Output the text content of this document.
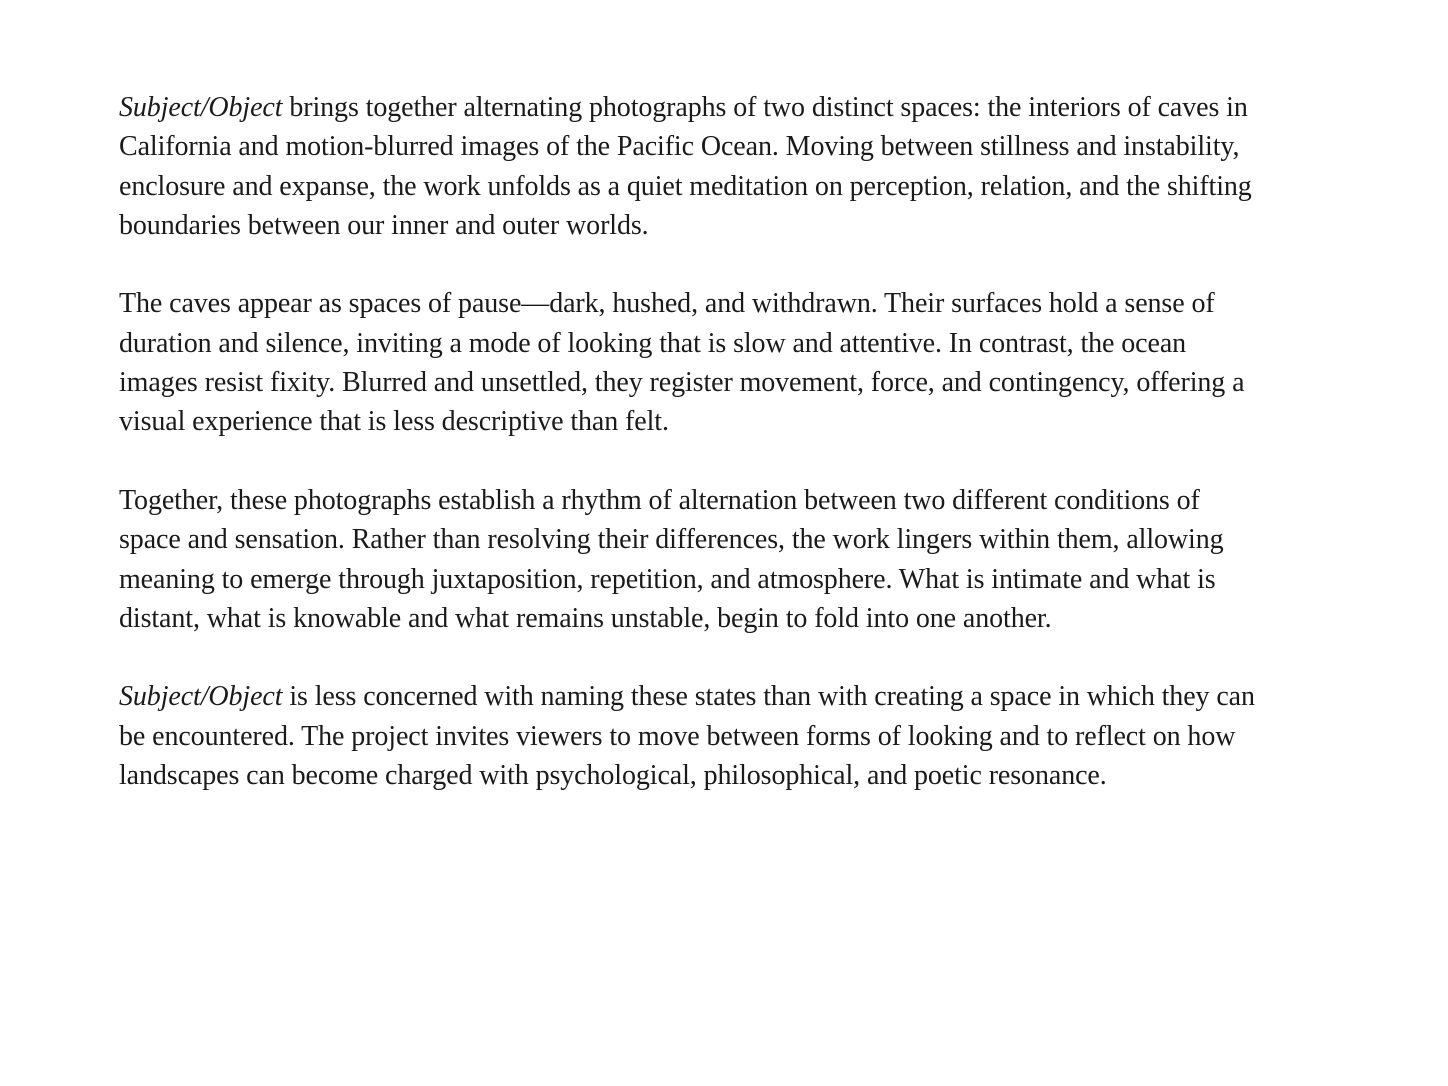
Subject/Object brings together alternating photographs of two distinct spaces: the interiors of caves in California and motion-blurred images of the Pacific Ocean. Moving between stillness and instability, enclosure and expanse, the work unfolds as a quiet meditation on perception, relation, and the shifting boundaries between our inner and outer worlds.

The caves appear as spaces of pause—dark, hushed, and withdrawn. Their surfaces hold a sense of duration and silence, inviting a mode of looking that is slow and attentive. In contrast, the ocean images resist fixity. Blurred and unsettled, they register movement, force, and contingency, offering a visual experience that is less descriptive than felt.

Together, these photographs establish a rhythm of alternation between two different conditions of space and sensation. Rather than resolving their differences, the work lingers within them, allowing meaning to emerge through juxtaposition, repetition, and atmosphere. What is intimate and what is distant, what is knowable and what remains unstable, begin to fold into one another.

Subject/Object is less concerned with naming these states than with creating a space in which they can be encountered. The project invites viewers to move between forms of looking and to reflect on how landscapes can become charged with psychological, philosophical, and poetic resonance.
